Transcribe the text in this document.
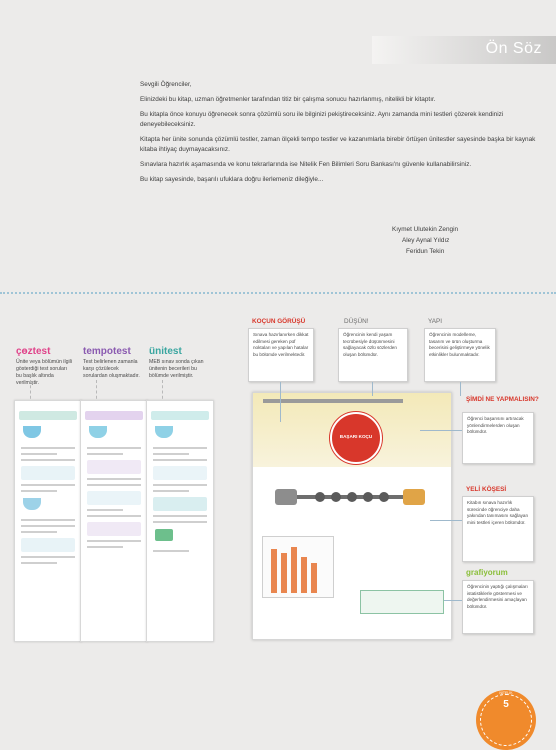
Ön Söz

Sevgili Öğrenciler,

Elinizdeki bu kitap, uzman öğretmenler tarafından titiz bir çalışma sonucu hazırlanmış, nitelikli bir kitaptır.

Bu kitapla önce konuyu öğrenecek sonra çözümlü soru ile bilginizi pekiştireceksiniz. Aynı zamanda mini testleri çözerek kendinizi deneyebileceksiniz.

Kitapta her ünite sonunda çözümlü testler, zaman ölçekli tempo testler ve kazanımlarla birebir örtüşen ünitestler sayesinde başka bir kaynak kitaba ihtiyaç duymayacaksınız.

Sınavlara hazırlık aşamasında ve konu tekrarlarında ise Nitelik Fen Bilimleri Soru Bankası'nı güvenle kullanabilirsiniz.

Bu kitap sayesinde, başarılı ufuklara doğru ilerlemeniz dileğiyle...

Kıymet Ulutekin Zengin
Aley Aynal Yıldız
Feridun Tekin
çөztest
Ünite veya bölümün ilgili gösterdiği test soruları bu başlık altında verilmiştir.
tempotest
Test belirlenen zamanla karşı çözülecek sorulardan oluşmaktadır.
ünitest
MEB sınav sonda çıkan ünitenin becerileri bu bölümde verilmiştir.
BAŞARI KOÇU
KOÇUN GÖRÜŞÜ
Sınava hazırlanırken dikkat edilmesi gereken püf noktaları ve yapılan hatalar bu bölümde verilmektedir.
DÜŞÜN!
Öğrencinin kendi yaşam tecrübesiyle düşünmesini sağlayacak özlü sözlerden oluşan bölümdür.
YAPI
Öğrencinin modelleme, tasarım ve ürün oluşturma becerisini geliştirmeye yönelik etkinlikler bulunmaktadır.
ŞİMDİ NE YAPMALISIN?
Öğrenci başarısını artıracak yönlendirmelerden oluşan bölümdür.
YELİ KÖŞESİ
Kitabın sınava hazırlık sürecinde öğrenciye daha yakından tanımasını sağlayan mini testleri içeren bölümdür.
grafiyorum
Öğrencinin yaptığı çalışmaları istatistiklerle göstermesi ve değerlendirmesini amaçlayan bölümdür.
NİTELİK
5
